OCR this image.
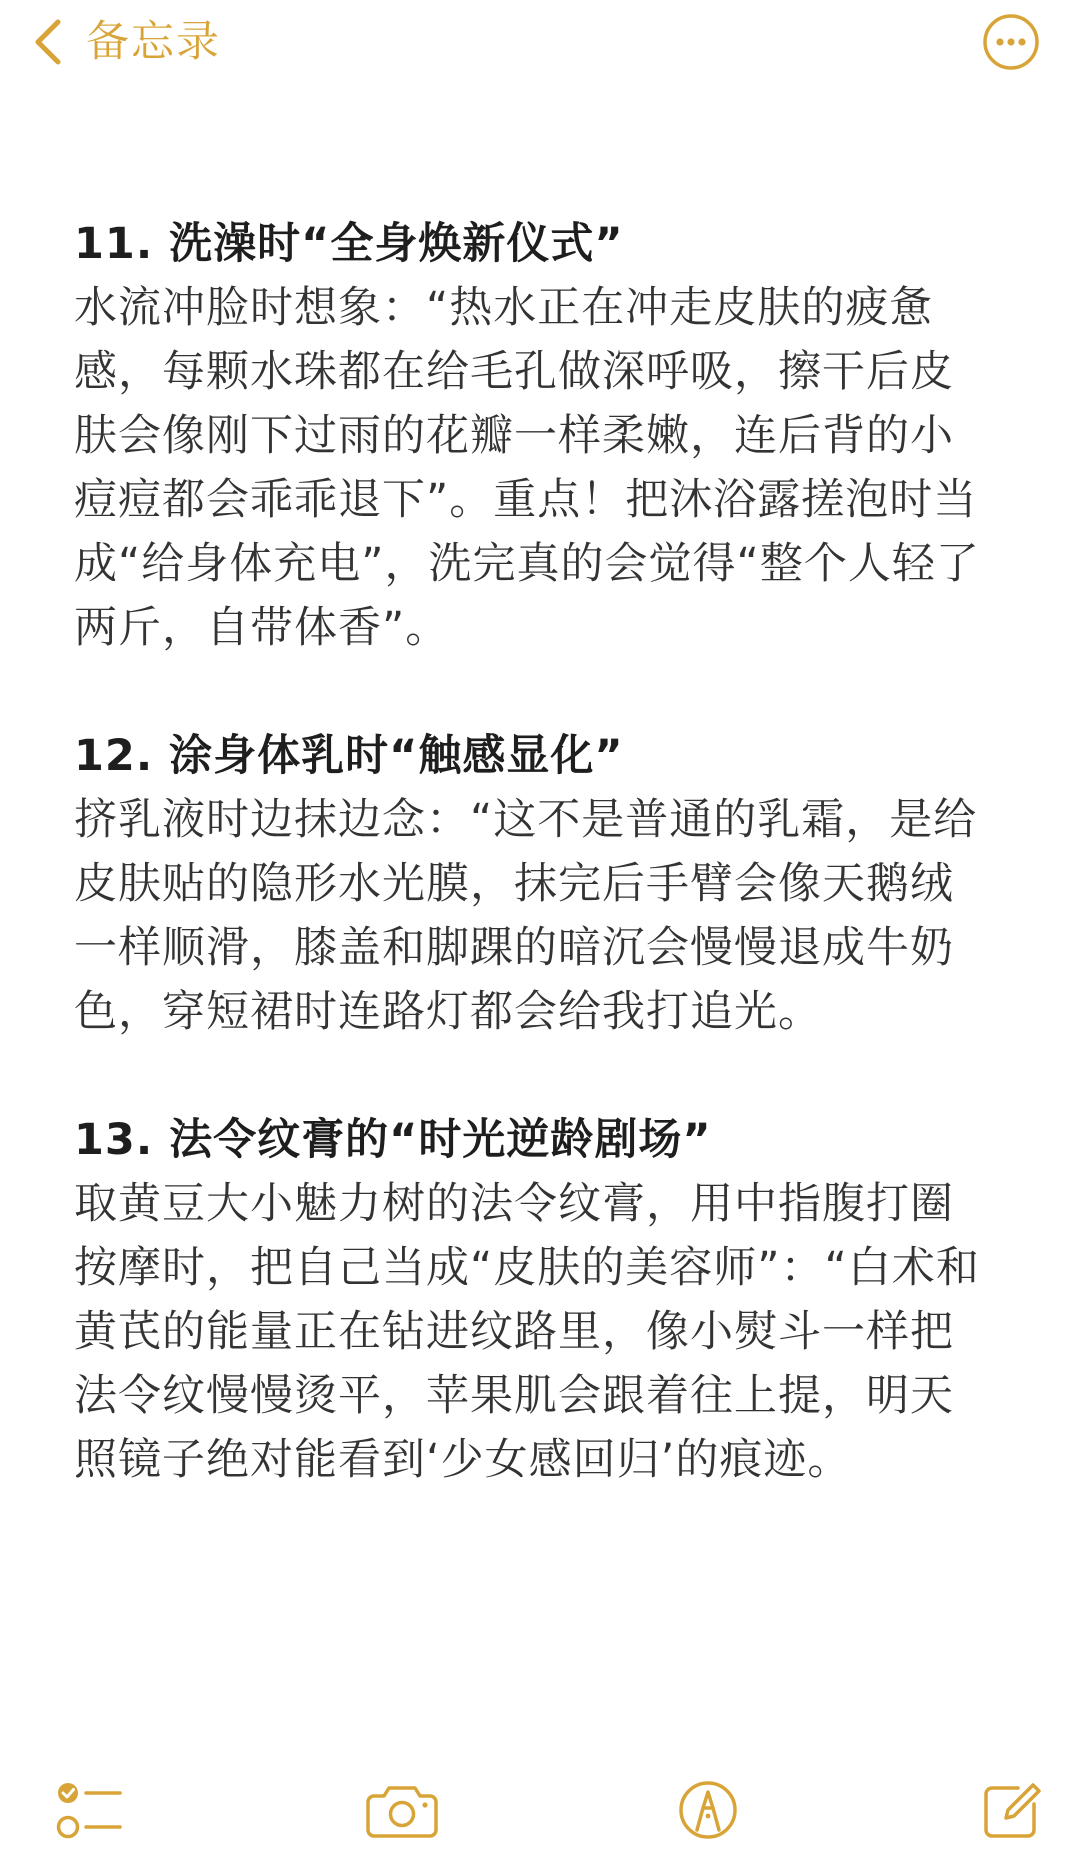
备忘录
11. 洗澡时“全身焕新仪式”
水流冲脸时想象：“热水正在冲走皮肤的疲惫
感，每颗水珠都在给毛孔做深呼吸，擦干后皮
肤会像刚下过雨的花瓣一样柔嫩，连后背的小
痘痘都会乖乖退下”。重点！把沐浴露搓泡时当
成“给身体充电”，洗完真的会觉得“整个人轻了
两斤，自带体香”。
12. 涂身体乳时“触感显化”
挤乳液时边抹边念：“这不是普通的乳霜，是给
皮肤贴的隐形水光膜，抹完后手臂会像天鹅绒
一样顺滑，膝盖和脚踝的暗沉会慢慢退成牛奶
色，穿短裙时连路灯都会给我打追光。
13. 法令纹膏的“时光逆龄剧场”
取黄豆大小魅力树的法令纹膏，用中指腹打圈
按摩时，把自己当成“皮肤的美容师”：“白术和
黄芪的能量正在钻进纹路里，像小熨斗一样把
法令纹慢慢烫平，苹果肌会跟着往上提，明天
照镜子绝对能看到‘少女感回归’的痕迹。
